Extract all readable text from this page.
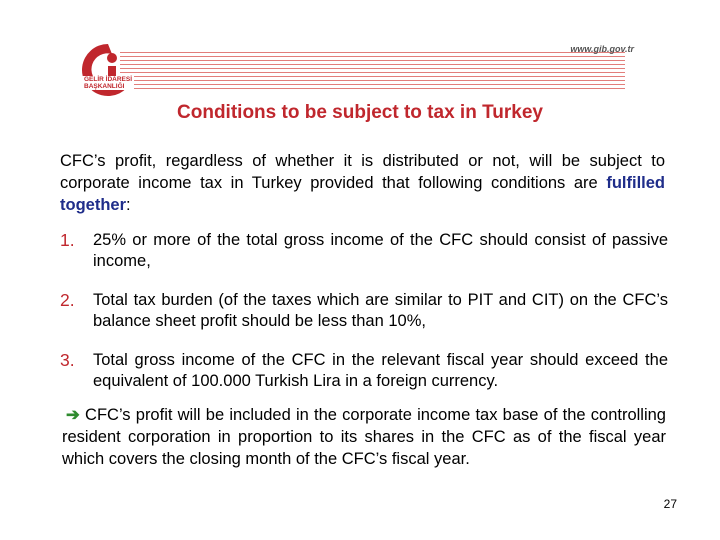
www.gib.gov.tr
GELİR İDARESİ
BAŞKANLIĞI
Conditions to be subject to tax in Turkey
CFC’s profit, regardless of whether it is distributed or not, will be subject to corporate income tax in Turkey provided that following conditions are fulfilled together:
1. 25% or more of the total gross income of the CFC should consist of passive income,
2. Total tax burden (of the taxes which are similar to PIT and CIT) on the CFC’s balance sheet profit should be less than 10%,
3. Total gross income of the CFC in the relevant fiscal year should exceed the equivalent of 100.000 Turkish Lira in a foreign currency.
➔ CFC’s profit will be included in the corporate income tax base of the controlling resident corporation in proportion to its shares in the CFC as of the fiscal year which covers the closing month of the CFC’s fiscal year.
27
